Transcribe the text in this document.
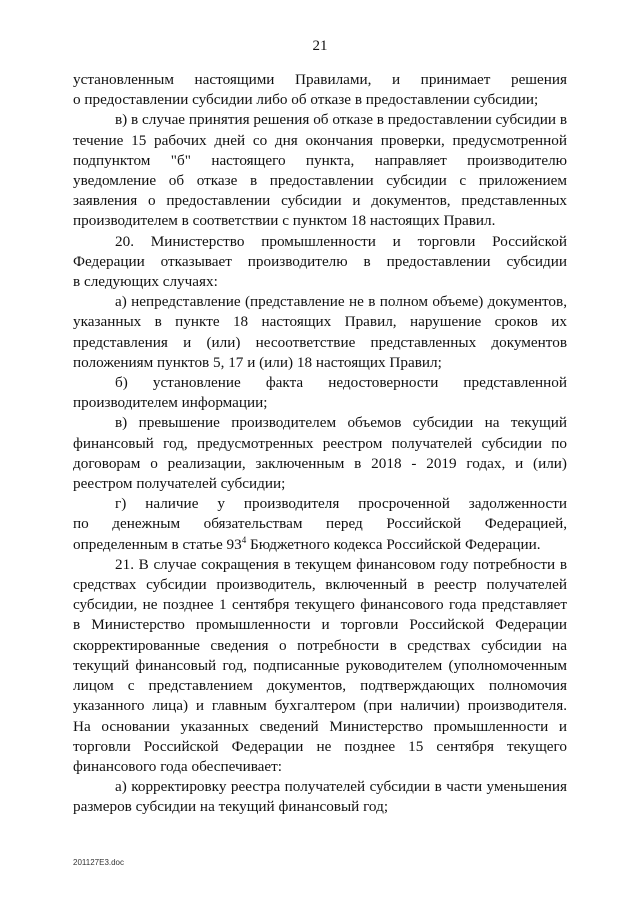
21

установленным настоящими Правилами, и принимает решения
о предоставлении субсидии либо об отказе в предоставлении субсидии;

в) в случае принятия решения об отказе в предоставлении субсидии в
течение 15 рабочих дней со дня окончания проверки, предусмотренной
подпунктом "б" настоящего пункта, направляет производителю
уведомление об отказе в предоставлении субсидии с приложением
заявления о предоставлении субсидии и документов, представленных
производителем в соответствии с пунктом 18 настоящих Правил.

20. Министерство промышленности и торговли Российской
Федерации отказывает производителю в предоставлении субсидии
в следующих случаях:

а) непредставление (представление не в полном объеме) документов,
указанных в пункте 18 настоящих Правил, нарушение сроков их
представления и (или) несоответствие представленных документов
положениям пунктов 5, 17 и (или) 18 настоящих Правил;

б) установление факта недостоверности представленной
производителем информации;

в) превышение производителем объемов субсидии на текущий
финансовый год, предусмотренных реестром получателей субсидии по
договорам о реализации, заключенным в 2018 - 2019 годах, и (или)
реестром получателей субсидии;

г) наличие у производителя просроченной задолженности
по денежным обязательствам перед Российской Федерацией,
определенным в статье $93^4$ Бюджетного кодекса Российской Федерации.

21. В случае сокращения в текущем финансовом году потребности в
средствах субсидии производитель, включенный в реестр получателей
субсидии, не позднее 1 сентября текущего финансового года представляет
в Министерство промышленности и торговли Российской Федерации
скорректированные сведения о потребности в средствах субсидии на
текущий финансовый год, подписанные руководителем (уполномоченным
лицом с представлением документов, подтверждающих полномочия
указанного лица) и главным бухгалтером (при наличии) производителя.
На основании указанных сведений Министерство промышленности и
торговли Российской Федерации не позднее 15 сентября текущего
финансового года обеспечивает:

а) корректировку реестра получателей субсидии в части уменьшения
размеров субсидии на текущий финансовый год;

201127E3.doc
